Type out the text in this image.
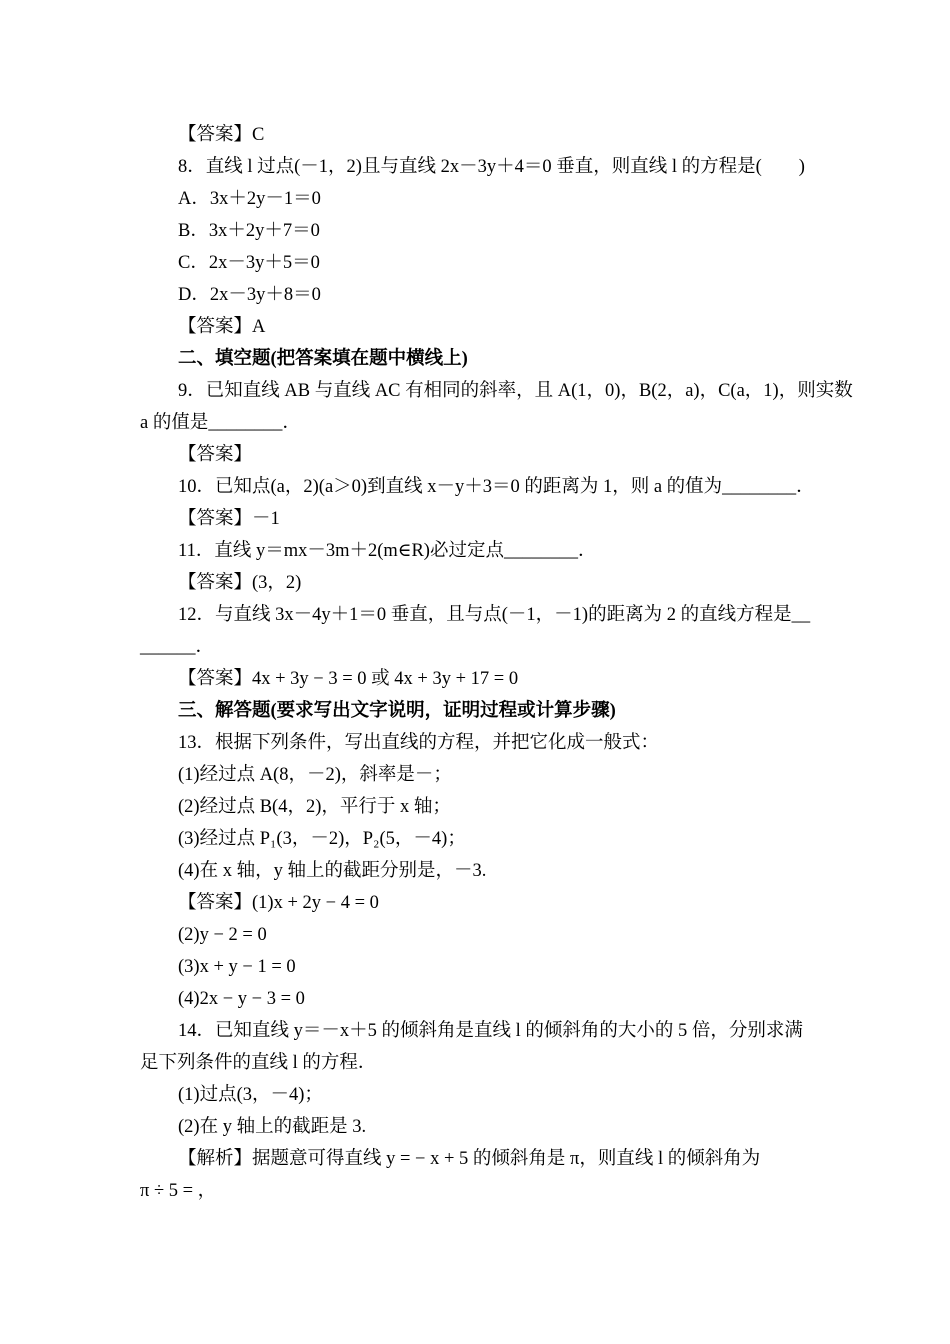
【答案】C
8．直线 l 过点(－1，2)且与直线 2x－3y＋4＝0 垂直，则直线 l 的方程是(　　)
A．3x＋2y－1＝0
B．3x＋2y＋7＝0
C．2x－3y＋5＝0
D．2x－3y＋8＝0
【答案】A
二、填空题(把答案填在题中横线上)
9．已知直线 AB 与直线 AC 有相同的斜率，且 A(1，0)，B(2，a)，C(a，1)，则实数
a 的值是________．
【答案】
10．已知点(a，2)(a＞0)到直线 x－y＋3＝0 的距离为 1，则 a 的值为________．
【答案】－1
11．直线 y＝mx－3m＋2(m∈R)必过定点________．
【答案】(3，2)
12．与直线 3x－4y＋1＝0 垂直，且与点(－1，－1)的距离为 2 的直线方程是__
______．
【答案】4x + 3y − 3 = 0 或 4x + 3y + 17 = 0
三、解答题(要求写出文字说明，证明过程或计算步骤)
13．根据下列条件，写出直线的方程，并把它化成一般式：
(1)经过点 A(8，－2)，斜率是－；
(2)经过点 B(4，2)，平行于 x 轴；
(3)经过点 P₁(3，－2)，P₂(5，－4)；
(4)在 x 轴，y 轴上的截距分别是，－3.
【答案】(1)x + 2y − 4 = 0
(2)y − 2 = 0
(3)x + y − 1 = 0
(4)2x − y − 3 = 0
14．已知直线 y＝－x＋5 的倾斜角是直线 l 的倾斜角的大小的 5 倍，分别求满
足下列条件的直线 l 的方程．
(1)过点(3，－4)；
(2)在 y 轴上的截距是 3.
【解析】据题意可得直线 y = − x + 5 的倾斜角是 π，则直线 l 的倾斜角为
π ÷ 5 = ，
